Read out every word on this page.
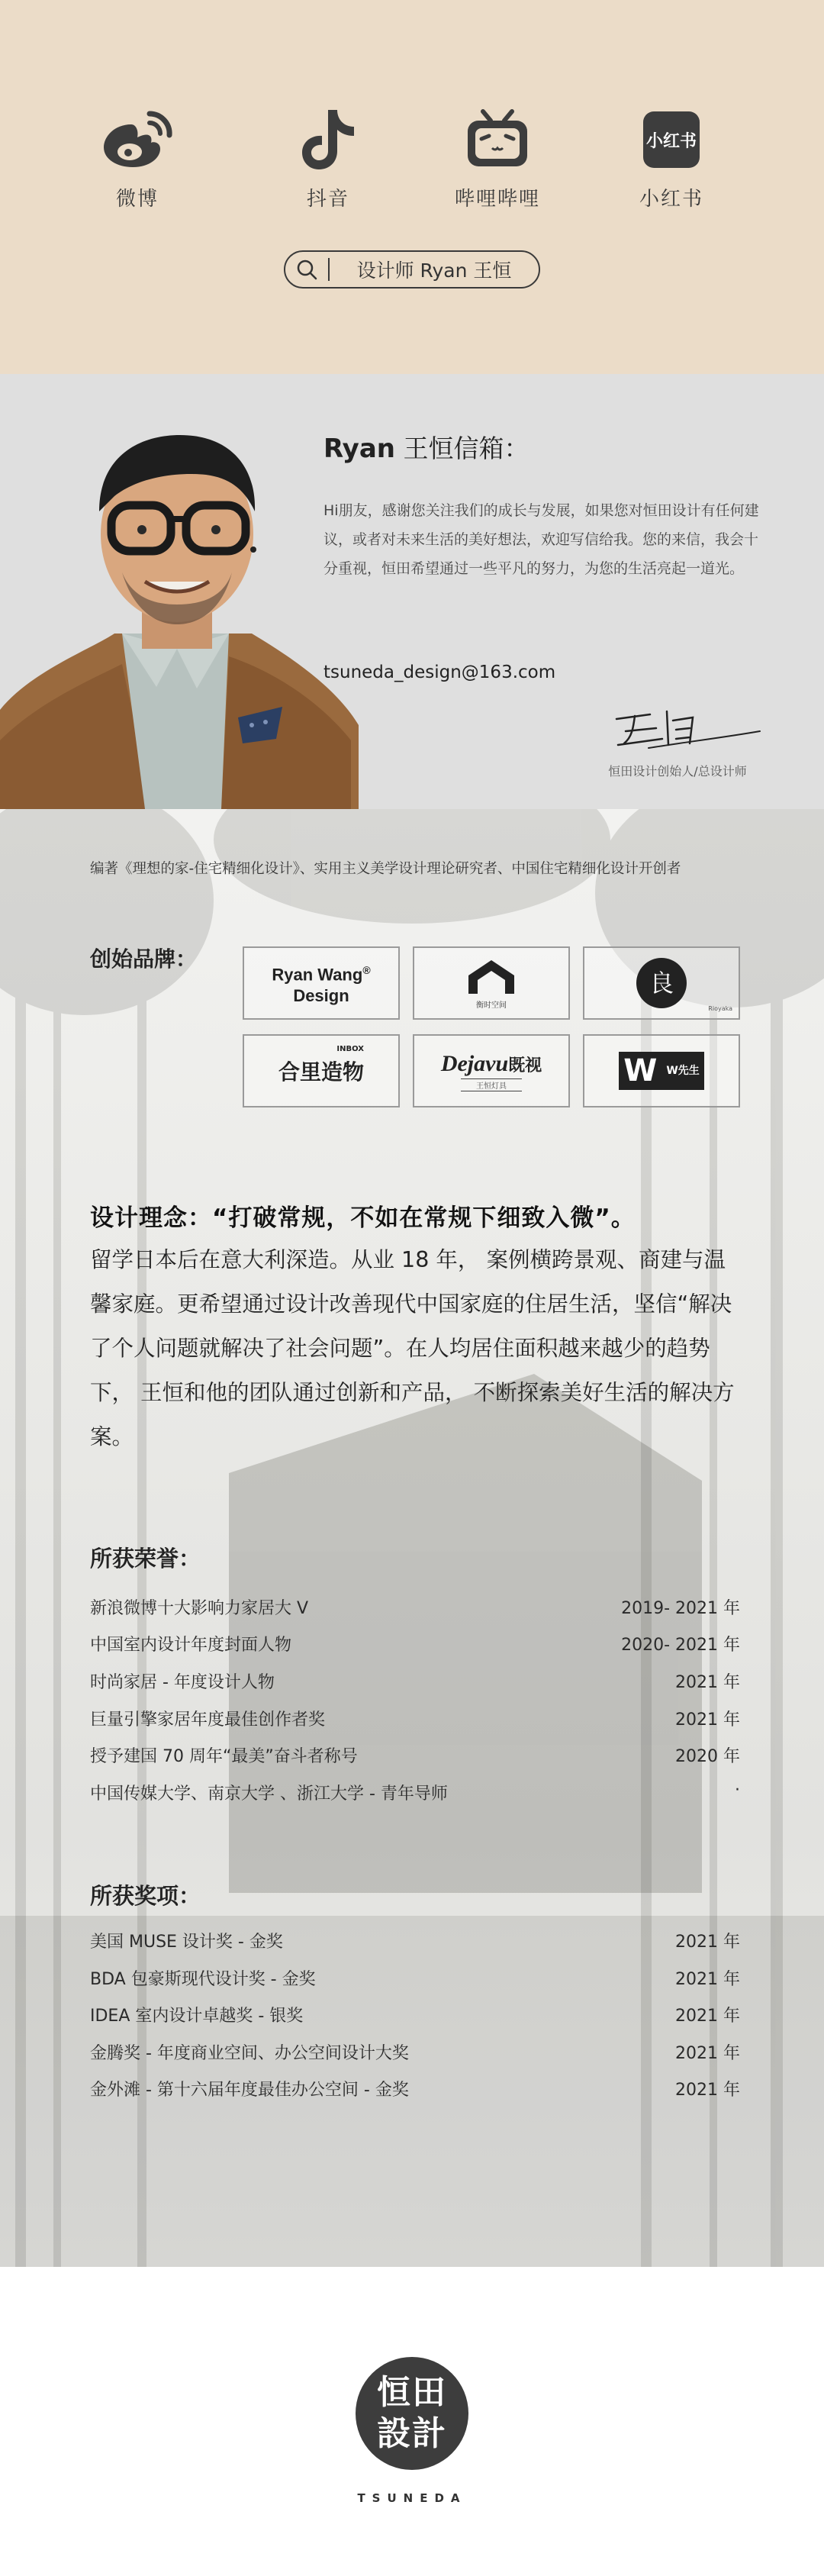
微博	抖音	哔哩哔哩
小红书
小红书
设计师 Ryan 王恒
Ryan 王恒信箱：
Hi朋友，感谢您关注我们的成长与发展，如果您对恒田设计有任何建议，或者对未来生活的美好想法，欢迎写信给我。您的来信，我会十分重视，恒田希望通过一些平凡的努力，为您的生活亮起一道光。
tsuneda_design@163.com
恒田设计创始人/总设计师
编著《理想的家-住宅精细化设计》、实用主义美学设计理论研究者、中国住宅精细化设计开创者
创始品牌：
Ryan Wang®
Design	衡时空间
良
Rioyaka
INBOX
合里造物	Dejavu既视
王恒灯具	W W先生
设计理念：“打破常规，不如在常规下细致入微”。
留学日本后在意大利深造。从业 18 年， 案例横跨景观、商建与温馨家庭。更希望通过设计改善现代中国家庭的住居生活，坚信“解决了个人问题就解决了社会问题”。在人均居住面积越来越少的趋势下， 王恒和他的团队通过创新和产品， 不断探索美好生活的解决方案。
所获荣誉：
新浪微博十大影响力家居大 V	2019- 2021 年
中国室内设计年度封面人物	2020- 2021 年
时尚家居 - 年度设计人物	2021 年
巨量引擎家居年度最佳创作者奖	2021 年
授予建国 70 周年“最美”奋斗者称号	2020 年
中国传媒大学、南京大学 、浙江大学 - 青年导师	·
所获奖项：
美国 MUSE 设计奖 - 金奖	2021 年
BDA 包豪斯现代设计奖 - 金奖	2021 年
IDEA 室内设计卓越奖 - 银奖	2021 年
金腾奖 - 年度商业空间、办公空间设计大奖	2021 年
金外滩 - 第十六届年度最佳办公空间 - 金奖	2021 年
恒田
設計
TSUNEDA
